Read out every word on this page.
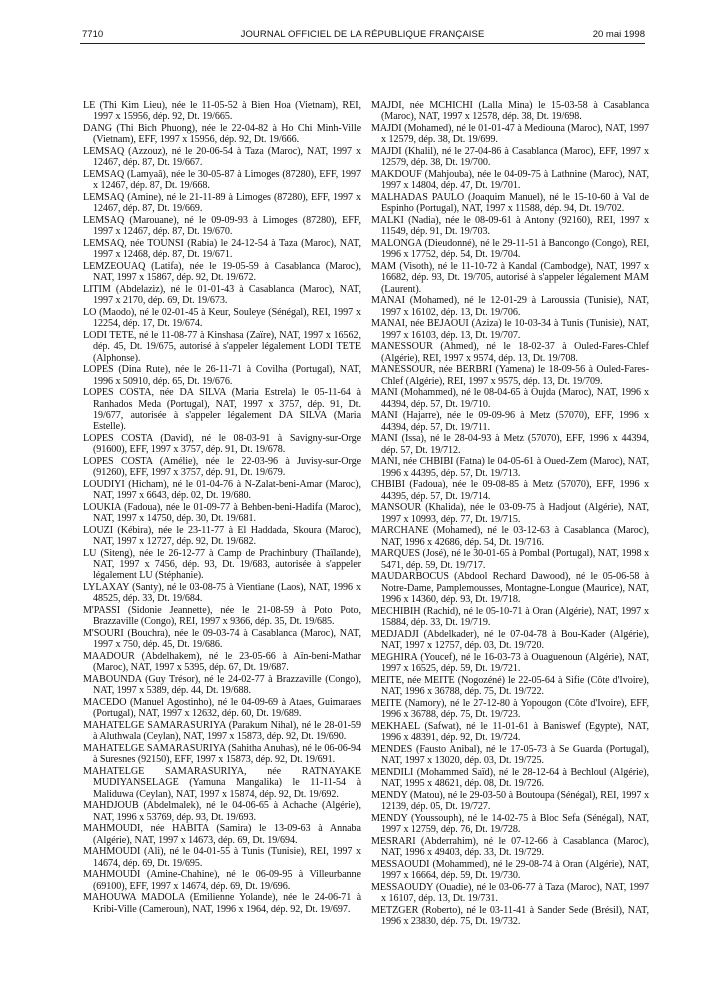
7710	JOURNAL OFFICIEL DE LA RÉPUBLIQUE FRANÇAISE	20 mai 1998

LE (Thi Kim Lieu), née le 11-05-52 à Bien Hoa (Vietnam), REI, 1997 x 15956, dép. 92, Dt. 19/665.

DANG (Thi Bich Phuong), née le 22-04-82 à Ho Chi Minh-Ville (Vietnam), EFF, 1997 x 15956, dép. 92, Dt. 19/666.

LEMSAQ (Azzouz), né le 20-06-54 à Taza (Maroc), NAT, 1997 x 12467, dép. 87, Dt. 19/667.

LEMSAQ (Lamyaâ), née le 30-05-87 à Limoges (87280), EFF, 1997 x 12467, dép. 87, Dt. 19/668.

LEMSAQ (Amine), né le 21-11-89 à Limoges (87280), EFF, 1997 x 12467, dép. 87, Dt. 19/669.

LEMSAQ (Marouane), né le 09-09-93 à Limoges (87280), EFF, 1997 x 12467, dép. 87, Dt. 19/670.

LEMSAQ, née TOUNSI (Rabia) le 24-12-54 à Taza (Maroc), NAT, 1997 x 12468, dép. 87, Dt. 19/671.

LEMZEOUAQ (Latifa), née le 19-05-59 à Casablanca (Maroc), NAT, 1997 x 15867, dép. 92, Dt. 19/672.

LITIM (Abdelaziz), né le 01-01-43 à Casablanca (Maroc), NAT, 1997 x 2170, dép. 69, Dt. 19/673.

LO (Maodo), né le 02-01-45 à Keur, Souleye (Sénégal), REI, 1997 x 12254, dép. 17, Dt. 19/674.

LODI TETE, né le 11-08-77 à Kinshasa (Zaïre), NAT, 1997 x 16562, dép. 45, Dt. 19/675, autorisé à s'appeler légalement LODI TETE (Alphonse).

LOPES (Dina Rute), née le 26-11-71 à Covilha (Portugal), NAT, 1996 x 50910, dép. 65, Dt. 19/676.

LOPES COSTA, née DA SILVA (Maria Estrela) le 05-11-64 à Ranhados Meda (Portugal), NAT, 1997 x 3757, dép. 91, Dt. 19/677, autorisée à s'appeler légalement DA SILVA (Maria Estelle).

LOPES COSTA (David), né le 08-03-91 à Savigny-sur-Orge (91600), EFF, 1997 x 3757, dép. 91, Dt. 19/678.

LOPES COSTA (Amélie), née le 22-03-96 à Juvisy-sur-Orge (91260), EFF, 1997 x 3757, dép. 91, Dt. 19/679.

LOUDIYI (Hicham), né le 01-04-76 à N-Zalat-beni-Amar (Maroc), NAT, 1997 x 6643, dép. 02, Dt. 19/680.

LOUKIA (Fadoua), née le 01-09-77 à Behben-beni-Hadifa (Maroc), NAT, 1997 x 14750, dép. 30, Dt. 19/681.

LOUZI (Kébira), née le 23-11-77 à El Haddada, Skoura (Maroc), NAT, 1997 x 12727, dép. 92, Dt. 19/682.

LU (Siteng), née le 26-12-77 à Camp de Prachinbury (Thaïlande), NAT, 1997 x 7456, dép. 93, Dt. 19/683, autorisée à s'appeler légalement LU (Stéphanie).

LYLAXAY (Santy), né le 03-08-75 à Vientiane (Laos), NAT, 1996 x 48525, dép. 33, Dt. 19/684.

M'PASSI (Sidonie Jeannette), née le 21-08-59 à Poto Poto, Brazzaville (Congo), REI, 1997 x 9366, dép. 35, Dt. 19/685.

M'SOURI (Bouchra), née le 09-03-74 à Casablanca (Maroc), NAT, 1997 x 750, dép. 45, Dt. 19/686.

MAADOUR (Abdelhakem), né le 23-05-66 à Aïn-beni-Mathar (Maroc), NAT, 1997 x 5395, dép. 67, Dt. 19/687.

MABOUNDA (Guy Trésor), né le 24-02-77 à Brazzaville (Congo), NAT, 1997 x 5389, dép. 44, Dt. 19/688.

MACEDO (Manuel Agostinho), né le 04-09-69 à Ataes, Guimaraes (Portugal), NAT, 1997 x 12632, dép. 60, Dt. 19/689.

MAHATELGE SAMARASURIYA (Parakum Nihal), né le 28-01-59 à Aluthwala (Ceylan), NAT, 1997 x 15873, dép. 92, Dt. 19/690.

MAHATELGE SAMARASURIYA (Sahitha Anuhas), né le 06-06-94 à Suresnes (92150), EFF, 1997 x 15873, dép. 92, Dt. 19/691.

MAHATELGE SAMARASURIYA, née RATNAYAKE MUDIYANSELAGE (Yamuna Mangalika) le 11-11-54 à Maliduwa (Ceylan), NAT, 1997 x 15874, dép. 92, Dt. 19/692.

MAHDJOUB (Abdelmalek), né le 04-06-65 à Achache (Algérie), NAT, 1996 x 53769, dép. 93, Dt. 19/693.

MAHMOUDI, née HABITA (Samira) le 13-09-63 à Annaba (Algérie), NAT, 1997 x 14673, dép. 69, Dt. 19/694.

MAHMOUDI (Ali), né le 04-01-55 à Tunis (Tunisie), REI, 1997 x 14674, dép. 69, Dt. 19/695.

MAHMOUDI (Amine-Chahine), né le 06-09-95 à Villeurbanne (69100), EFF, 1997 x 14674, dép. 69, Dt. 19/696.

MAHOUWA MADOLA (Emilienne Yolande), née le 24-06-71 à Kribi-Ville (Cameroun), NAT, 1996 x 1964, dép. 92, Dt. 19/697.

MAJDI, née MCHICHI (Lalla Mina) le 15-03-58 à Casablanca (Maroc), NAT, 1997 x 12578, dép. 38, Dt. 19/698.

MAJDI (Mohamed), né le 01-01-47 à Mediouna (Maroc), NAT, 1997 x 12579, dép. 38, Dt. 19/699.

MAJDI (Khalil), né le 27-04-86 à Casablanca (Maroc), EFF, 1997 x 12579, dép. 38, Dt. 19/700.

MAKDOUF (Mahjouba), née le 04-09-75 à Lathnine (Maroc), NAT, 1997 x 14804, dép. 47, Dt. 19/701.

MALHADAS PAULO (Joaquim Manuel), né le 15-10-60 à Val de Espinho (Portugal), NAT, 1997 x 11588, dép. 94, Dt. 19/702.

MALKI (Nadia), née le 08-09-61 à Antony (92160), REI, 1997 x 11549, dép. 91, Dt. 19/703.

MALONGA (Dieudonné), né le 29-11-51 à Bancongo (Congo), REI, 1996 x 17752, dép. 54, Dt. 19/704.

MAM (Visoth), né le 11-10-72 à Kandal (Cambodge), NAT, 1997 x 16682, dép. 93, Dt. 19/705, autorisé à s'appeler légalement MAM (Laurent).

MANAI (Mohamed), né le 12-01-29 à Laroussia (Tunisie), NAT, 1997 x 16102, dép. 13, Dt. 19/706.

MANAI, née BEJAOUI (Aziza) le 10-03-34 à Tunis (Tunisie), NAT, 1997 x 16103, dép. 13, Dt. 19/707.

MANESSOUR (Ahmed), né le 18-02-37 à Ouled-Fares-Chlef (Algérie), REI, 1997 x 9574, dép. 13, Dt. 19/708.

MANESSOUR, née BERBRI (Yamena) le 18-09-56 à Ouled-Fares-Chlef (Algérie), REI, 1997 x 9575, dép. 13, Dt. 19/709.

MANI (Mohammed), né le 08-04-65 à Oujda (Maroc), NAT, 1996 x 44394, dép. 57, Dt. 19/710.

MANI (Hajarre), née le 09-09-96 à Metz (57070), EFF, 1996 x 44394, dép. 57, Dt. 19/711.

MANI (Issa), né le 28-04-93 à Metz (57070), EFF, 1996 x 44394, dép. 57, Dt. 19/712.

MANI, née CHBIBI (Fatna) le 04-05-61 à Oued-Zem (Maroc), NAT, 1996 x 44395, dép. 57, Dt. 19/713.

CHBIBI (Fadoua), née le 09-08-85 à Metz (57070), EFF, 1996 x 44395, dép. 57, Dt. 19/714.

MANSOUR (Khalida), née le 03-09-75 à Hadjout (Algérie), NAT, 1997 x 10993, dép. 77, Dt. 19/715.

MARCHANE (Mohamed), né le 03-12-63 à Casablanca (Maroc), NAT, 1996 x 42686, dép. 54, Dt. 19/716.

MARQUES (José), né le 30-01-65 à Pombal (Portugal), NAT, 1998 x 5471, dép. 59, Dt. 19/717.

MAUDARBOCUS (Abdool Rechard Dawood), né le 05-06-58 à Notre-Dame, Pamplemousses, Montagne-Longue (Maurice), NAT, 1996 x 14360, dép. 93, Dt. 19/718.

MECHIBIH (Rachid), né le 05-10-71 à Oran (Algérie), NAT, 1997 x 15884, dép. 33, Dt. 19/719.

MEDJADJI (Abdelkader), né le 07-04-78 à Bou-Kader (Algérie), NAT, 1997 x 12757, dép. 03, Dt. 19/720.

MEGHIRA (Youcef), né le 16-03-73 à Ouaguenoun (Algérie), NAT, 1997 x 16525, dép. 59, Dt. 19/721.

MEITE, née MEITE (Nogozéné) le 22-05-64 à Sifie (Côte d'Ivoire), NAT, 1996 x 36788, dép. 75, Dt. 19/722.

MEITE (Namory), né le 27-12-80 à Yopougon (Côte d'Ivoire), EFF, 1996 x 36788, dép. 75, Dt. 19/723.

MEKHAEL (Safwat), né le 11-01-61 à Baniswef (Egypte), NAT, 1996 x 48391, dép. 92, Dt. 19/724.

MENDES (Fausto Anibal), né le 17-05-73 à Se Guarda (Portugal), NAT, 1997 x 13020, dép. 03, Dt. 19/725.

MENDILI (Mohammed Saïd), né le 28-12-64 à Bechloul (Algérie), NAT, 1995 x 48621, dép. 08, Dt. 19/726.

MENDY (Matou), né le 29-03-50 à Boutoupa (Sénégal), REI, 1997 x 12139, dép. 05, Dt. 19/727.

MENDY (Youssouph), né le 14-02-75 à Bloc Sefa (Sénégal), NAT, 1997 x 12759, dép. 76, Dt. 19/728.

MESRARI (Abderrahim), né le 07-12-66 à Casablanca (Maroc), NAT, 1996 x 49403, dép. 33, Dt. 19/729.

MESSAOUDI (Mohammed), né le 29-08-74 à Oran (Algérie), NAT, 1997 x 16664, dép. 59, Dt. 19/730.

MESSAOUDY (Ouadie), né le 03-06-77 à Taza (Maroc), NAT, 1997 x 16107, dép. 13, Dt. 19/731.

METZGER (Roberto), né le 03-11-41 à Sander Sede (Brésil), NAT, 1996 x 23830, dép. 75, Dt. 19/732.
